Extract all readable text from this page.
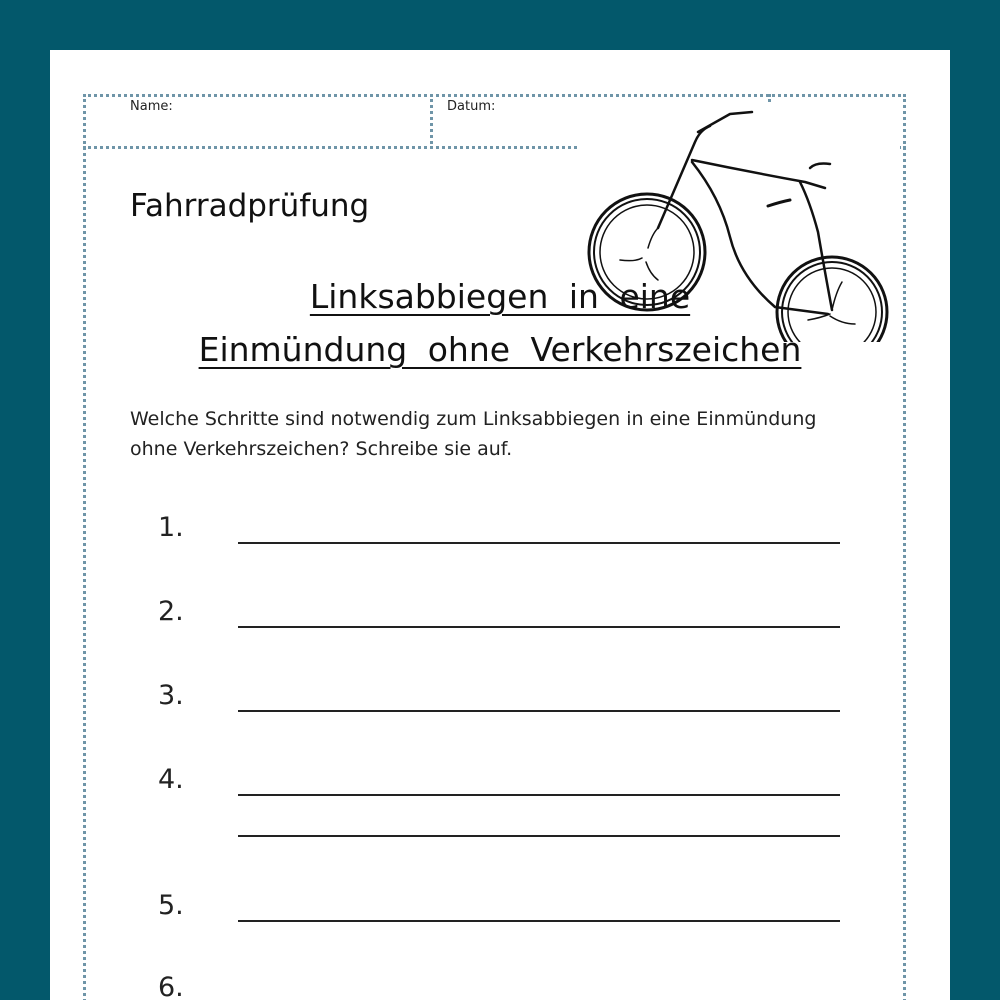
Name:	Datum:
Fahrradprüfung
Linksabbiegen in eine
Einmündung ohne Verkehrszeichen
Welche Schritte sind notwendig zum Linksabbiegen in eine Einmündung
ohne Verkehrszeichen? Schreibe sie auf.
1.
2.
3.
4.
5.
6.
